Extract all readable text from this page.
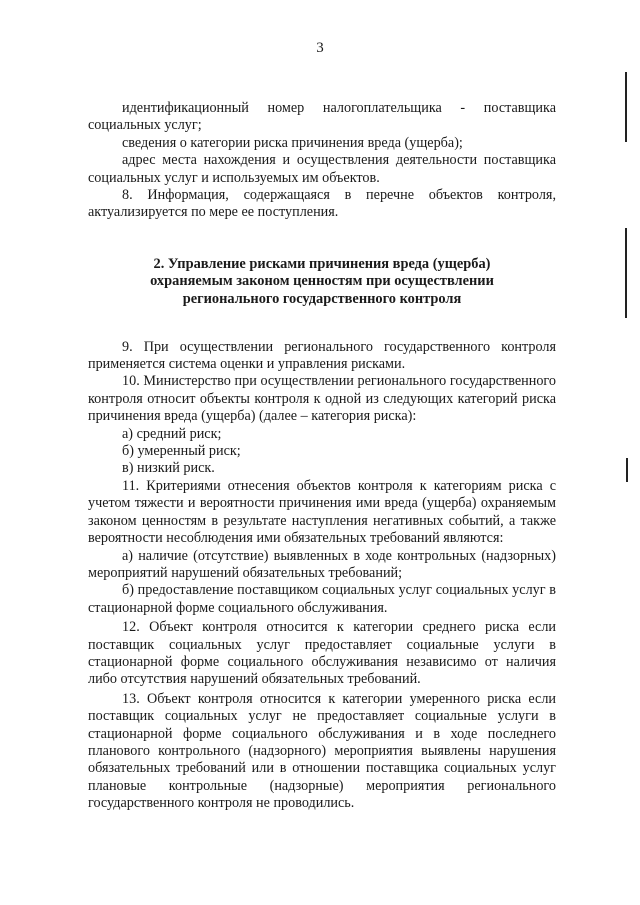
3

идентификационный номер налогоплательщика - поставщика социальных услуг;

сведения о категории риска причинения вреда (ущерба);

адрес места нахождения и осуществления деятельности поставщика социальных услуг и используемых им объектов.

8. Информация, содержащаяся в перечне объектов контроля, актуализируется по мере ее поступления.

2. Управление рисками причинения вреда (ущерба)
охраняемым законом ценностям при осуществлении
регионального государственного контроля

9. При осуществлении регионального государственного контроля применяется система оценки и управления рисками.

10. Министерство при осуществлении регионального государственного контроля относит объекты контроля к одной из следующих категорий риска причинения вреда (ущерба) (далее – категория риска):

а) средний риск;

б) умеренный риск;

в) низкий риск.

11. Критериями отнесения объектов контроля к категориям риска с учетом тяжести и вероятности причинения ими вреда (ущерба) охраняемым законом ценностям в результате наступления негативных событий, а также вероятности несоблюдения ими обязательных требований являются:

а) наличие (отсутствие) выявленных в ходе контрольных (надзорных) мероприятий нарушений обязательных требований;

б) предоставление поставщиком социальных услуг социальных услуг в стационарной форме социального обслуживания.

12. Объект контроля относится к категории среднего риска если поставщик социальных услуг предоставляет социальные услуги в стационарной форме социального обслуживания независимо от наличия либо отсутствия нарушений обязательных требований.

13. Объект контроля относится к категории умеренного риска если поставщик социальных услуг не предоставляет социальные услуги в стационарной форме социального обслуживания и в ходе последнего планового контрольного (надзорного) мероприятия выявлены нарушения обязательных требований или в отношении поставщика социальных услуг плановые контрольные (надзорные) мероприятия регионального государственного контроля не проводились.
